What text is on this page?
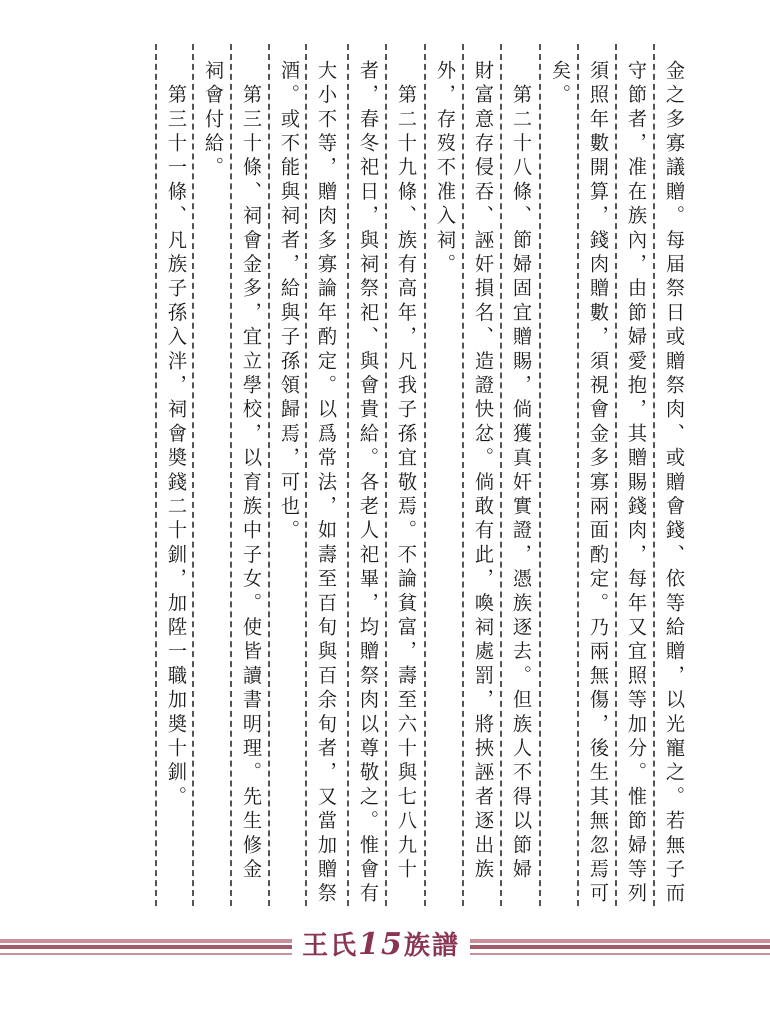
金之多寡議贈。每届祭日或贈祭肉、或贈會錢、依等給贈，以光寵之。若無子而
守節者，准在族內，由節婦愛抱，其贈賜錢肉，每年又宜照等加分。惟節婦等列
須照年數開算，錢肉贈數，須視會金多寡兩面酌定。乃兩無傷，後生其無忽焉可
矣。
　第二十八條、節婦固宜贈賜，倘獲真奸實證，憑族逐去。但族人不得以節婦
財富意存侵吞、誣奸損名、造證快忿。倘敢有此，喚祠處罰，將挾誣者逐出族
外，存歿不准入祠。
　第二十九條、族有高年，凡我子孫宜敬焉。不論貧富，壽至六十與七八九十
者，春冬祀日，與祠祭祀、與會貴給。各老人祀畢，均贈祭肉以尊敬之。惟會有
大小不等，贈肉多寡論年酌定。以爲常法，如壽至百旬與百余旬者，又當加贈祭
酒。或不能與祠者，給與子孫領歸焉，可也。
　第三十條、祠會金多，宜立學校，以育族中子女。使皆讀書明理。先生修金
祠會付給。
　第三十一條、凡族子孫入泮，祠會奬錢二十釧，加陞一職加奬十釧。
王氏15族譜
